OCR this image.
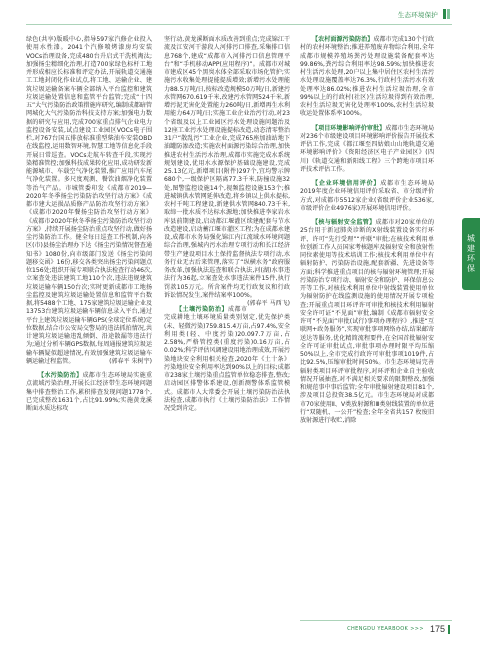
生态环境保护
城建环保

绿色(共享)版暖中心,指导597家汽修企业投入使用水性漆。2041个汽修喷烤漆房均安装VOCs治理设备,完成480台升启式干洗机淘汰;加强扬尘精细化治理,打造700家绿色标杆工地并形成相应长标准和评定办法,开展轨道交通施工工地封闭化作业试点,将工地、运输企业、建筑垃圾运输备案车辆全部纳入平台监控和建筑垃圾运输处置信息和监管平台监管;完成“十四五”大气污染防治政策措施库研究,编制成都暗管网城化大气污染防治科技支持方案;加强电力数据的研究与应用,完成700家重点排气企业电力监控设备安装,试点建设工业园区VOCs电子围栏,对767台国五排放标准重型柴油车安装OBD在线监控,运用数智环境,智慧工地等信息化手段开展日常巡查。VOCs走航车转查千段,实现污染精准管控;加强科技成果转化应用,成功研发新能源城市、车载空气净化装置,推广应用汽车尾气净化装置。多尺度观测、餐饮油烟净化装置等治气产品。市城管委印发《成都市2019—2020年冬季扬尘污染防治攻坚行动方案》《成都市建大运损品质修产品防治攻坚行动方案》《成都市2020年餐扬尘防治攻坚行动方案》《成都市2020年秋冬季扬尘污染防治攻坚行动方案》,持续开展扬尘防治重点攻坚行动,做好扬尘污染防治工作。健全每日巡查工作机制,向各区(市)县扬尘治理办下达《扬尘污染情况督查通知书》1080份,向市级部门发送《扬尘污染问题移交函》16份,移交各类突出扬尘污染问题点位156处;组织开展专项联合执法检查行动46次,立案查处违法建筑工地110个次,违法违规建筑垃圾运输车辆150台次;实时更新成都市工地扬尘监控及建筑垃圾运输处置信息和监管平台数据,将5488个工地、175家建筑垃圾运输企业及13753台建筑垃圾运输车辆信息录入平台,通过平台上建筑垃圾运输车辆GPS(全球定位系统)定位数据,结合市公安局交警局的违法抓拍情况,共计建筑垃圾运输违乱倾倒、沿途散漏等违法行为;通过分析车辆GPS数据,每周通报建筑垃圾运输车辆疑似超速情况,有效加强建筑垃圾运输车辆运输过程监管。	(郭春平 朱树宇)

【水污染防治】成都市生态环境局实施重点流域污染治理,开展长江经济带生态环境问题集中排查整治工作,累积排查发现问题1778个,已完成整改1631个,占比91.99%;实施黄龙溪断面水质达标攻

坚行动,黄龙溪断面水质改善到重点;完成锦江干流及江安河干游段人河排污口排查,采集排口信息768个,建成“成都市入河排污口信息管理平台”和“手机移动APP(应用程序)”。成都市对城市建成区45个黑臭水体全部采取市场化管护;实施污水收集处理提能提质增效;新增污水处理能力88.5万吨/日,按标改造规模50万吨/日,新建污水管网670.619千米,改建污水管网524千米,新增污泥无害化处置能力260吨/日,新增再生水利用能力64万吨/日;实施工业企业治污行动,对23个省级及以上工业园区污水处理设施问题治及12座工业污水处理设施提标改造,动态清零整治31户“散乱污”工业企业,完成765座加油站地下油罐防渗改造;实施农村面源污染综合治理,加快推进农村生活污水治理,成都市实施完成水系统规划建设,优用水水源保护基础设施建设,完成25.13亿元,新增项目(附件)297个,宜均警示牌680个,一级保护区隔离77.3千米,防撞设施32处,图警监控设施14个,视频监控设施153个;推进城镇供水管网延伸改造,将乡镇以上供水提标,农村千吨工程建设,新建供水管网840.73千米,取缔一批水质不达标水源地;加快推进李家岩水库县前期建设,启动都江堰灌区续建配套与节水改造建设,启动蓄江堰市灌区工程;为在成都永建设,成都市水务局强化锦江内江流域水环境问题综合治理,强城内污水治理专项行动和长江经济带生产建设项目水土保持监督执法专项行动,水务行业无古后来管理,落实了“纵横水务”政府服务改革,加强执法巡查和联合执法,河(湖)水事违法行为36起,立案查处水事违法案件15件,执行罚款105万元。所含案件均无行政复议和行政诉讼情况发生,案件结案率100%。
(郭春平 马西飞)

【土壤污染防治】成都市完成耕地土壤环境质量类别划定,优先保护类(未、轻微污染)759.815.4万亩,占97.4%,安全利用类(轻、中度污染)20.097.7万亩,占2.58%,严格管控类(重度污染)0.16万亩,占0.02%;科学评估风调建设用地治理成效,开展污染地块安全利用相关检查,2020年《土十条》污染地块安全利用率达到90%以上的目标;成都市238家土壤污染重点监管单位稳态排查,整改;启动园区排警体系建设,创新测警体系监管模式。成都市人大常委会开展土壤污染防治法执法检查,成都市执行《土壤污染防治法》工作情况受到肯定。

【农村面源污染防治】成都市完成130个行政村的农村环境整治;推进养殖废弃物综合利用,全年成都市规模养殖场粪污处理设施装备配套率达99.86%,粪污综合利用率达98.59%;加快推进农村生活污水处理,20户以上集中居住区农村生活污水处理设施覆盖率达76.3%,行政村生活污水有效处理率达86.02%;推进农村生活垃圾治理,全市99%以上的行政村(社区)生活垃圾得到有效治理,农村生活垃圾无害化处理率100%,农村生活垃圾收运处置体系率100%。

【项目环境影响评价审批】成都市生态环境局对236个市级建设项目环境影响评价报告开展技术评估工作,完成《都江堰至四姑娘山山地轨道交通环境影响评价》《资阳经济区电子产业园区》(四川)《轨道交通和新阳线工程》三个跨地市项目环评技术评估工作。

【企业环境信用评价】成都市生态环境局2019年度企业环境信用评价采取省、市分级评价方式,对成都市5512家企业(省级评价企业536家,市级评价企业4976家)开展环境信用评价。

【核与辐射安全监管】成都市对20家单位的25台用于新冠肺炎诊断的X射线装置设备实行环评、许可“先行受理”“并联”审批;在核技术利用单位创新工作人员国家考核题库及辐射安全和放射性同位素使用等技术培训工作;核技术利用单位中有辐射防护、污染防治设施,配套新疆、先进设备等方面;科学推进重点项目的核与辐射环境管理;开展污染防治专项行动、辐射安全和防护、环保信息公开等工作,对核技术利用单位中射线装置使用单位为辐射防护在线监测设施的使用情况开展专项检查;开展重点项目环评许可审批和核技术利用辐射安全许可证“不见面”审批,编制《成都市辐射安全许可“不见面”审批(试行)事项办理程序》,推进“互联网+政务服务”,实现审批事项网络办结,结果邮寄送达等服务,优化精简流程要件,在全国首批辐射安全许可证审批试点,审批事项办理时限平均压缩50%以上,全市完成行政许可审批事项1019件,占比92.5%,压缩审批时间50%。市生态环境局完善辐射类项目环评审批程序,对环评和企业自主验收情况开展抽查,对不满足相关要求的限期整改,加强和规范事中事后监管;全年审批辐射建设项目81个,涉及项目总投资38.5亿元。市生态环境局对成都市70家使用Ⅱ、Ⅴ类放射源和Ⅲ类射线装置的单位进行“双随机、一公开”检查;全年全省共157 枚废旧放射源进行收贮,消除

CHENGDU YEARBOOK >>> 175
